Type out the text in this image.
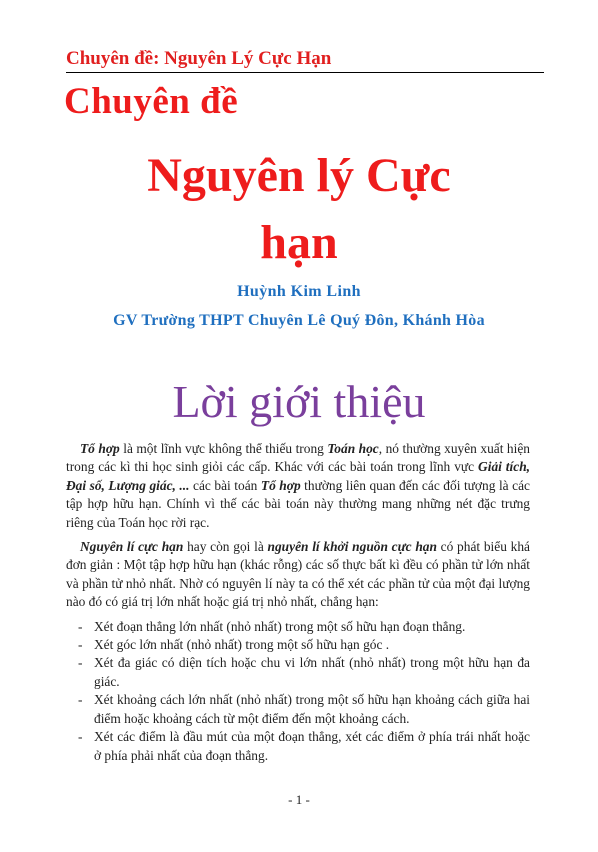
Chuyên đề: Nguyên Lý Cực Hạn
Chuyên đề
Nguyên lý Cực
hạn
Huỳnh Kim Linh
GV Trường THPT Chuyên Lê Quý Đôn, Khánh Hòa
Lời giới thiệu

Tổ hợp là một lĩnh vực không thể thiếu trong Toán học, nó thường xuyên xuất hiện trong các kì thi học sinh giỏi các cấp. Khác với các bài toán trong lĩnh vực Giải tích, Đại số, Lượng giác, ... các bài toán Tổ hợp thường liên quan đến các đối tượng là các tập hợp hữu hạn. Chính vì thế các bài toán này thường mang những nét đặc trưng riêng của Toán học rời rạc.

Nguyên lí cực hạn hay còn gọi là nguyên lí khởi nguồn cực hạn có phát biểu khá đơn giản : Một tập hợp hữu hạn (khác rỗng) các số thực bất kì đều có phần tử lớn nhất và phần tử nhỏ nhất. Nhờ có nguyên lí này ta có thể xét các phần tử của một đại lượng nào đó có giá trị lớn nhất hoặc giá trị nhỏ nhất, chẳng hạn:

- Xét đoạn thẳng lớn nhất (nhỏ nhất) trong một số hữu hạn đoạn thẳng.
- Xét góc lớn nhất (nhỏ nhất) trong một số hữu hạn góc .
- Xét đa giác có diện tích hoặc chu vi lớn nhất (nhỏ nhất) trong một hữu hạn đa giác.
- Xét khoảng cách lớn nhất (nhỏ nhất) trong một số hữu hạn khoảng cách giữa hai điểm hoặc khoảng cách từ một điểm đến một khoảng cách.
- Xét các điểm là đầu mút của một đoạn thẳng, xét các điểm ở phía trái nhất hoặc ở phía phải nhất của đoạn thẳng.
- 1 -
